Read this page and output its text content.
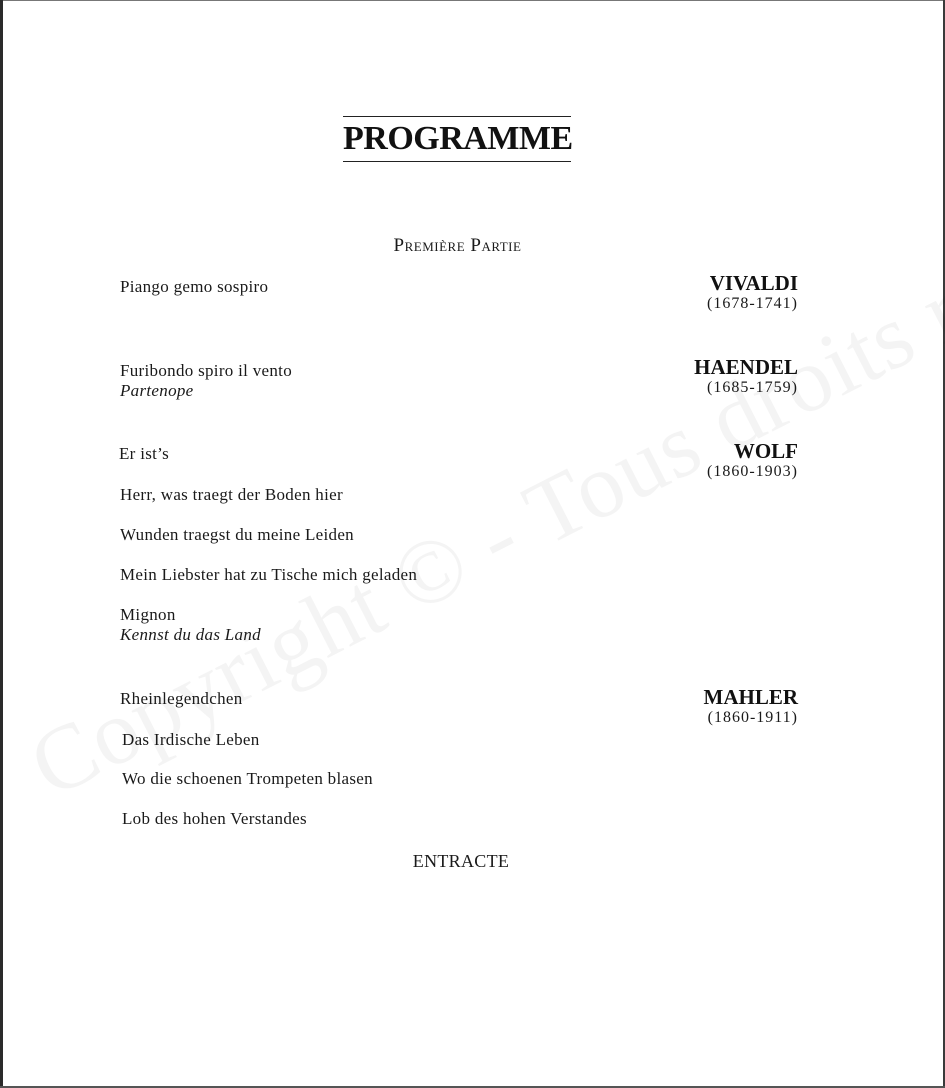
PROGRAMME
Première Partie
Piango gemo sospiro	VIVALDI
(1678-1741)
Furibondo spiro il vento
Partenope
HAENDEL
(1685-1759)
Er ist’s
Herr, was traegt der Boden hier
Wunden traegst du meine Leiden
Mein Liebster hat zu Tische mich geladen
Mignon
Kennst du das Land
WOLF
(1860-1903)
Rheinlegendchen
Das Irdische Leben
Wo die schoenen Trompeten blasen
Lob des hohen Verstandes
MAHLER
(1860-1911)
ENTRACTE
